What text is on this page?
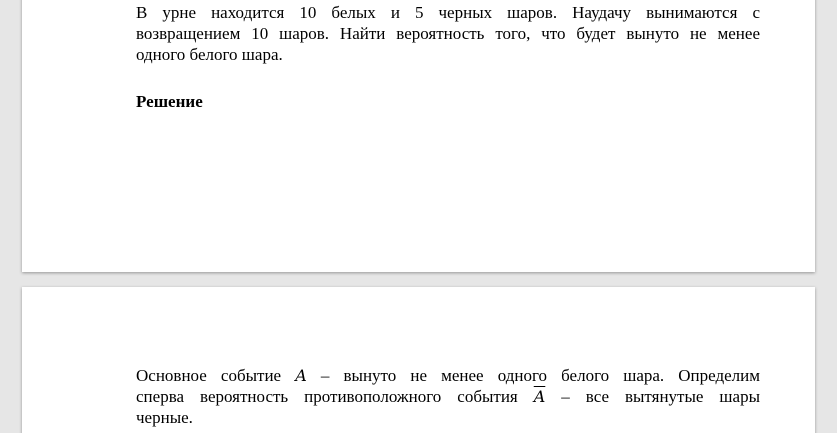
В урне находится 10 белых и 5 черных шаров. Наудачу вынимаются с
возвращением 10 шаров. Найти вероятность того, что будет вынуто не менее
одного белого шара.
Решение
Основное событие A – вынуто не менее одного белого шара. Определим
сперва вероятность противоположного события $\overline{A}$ – все вытянутые шары
черные.
